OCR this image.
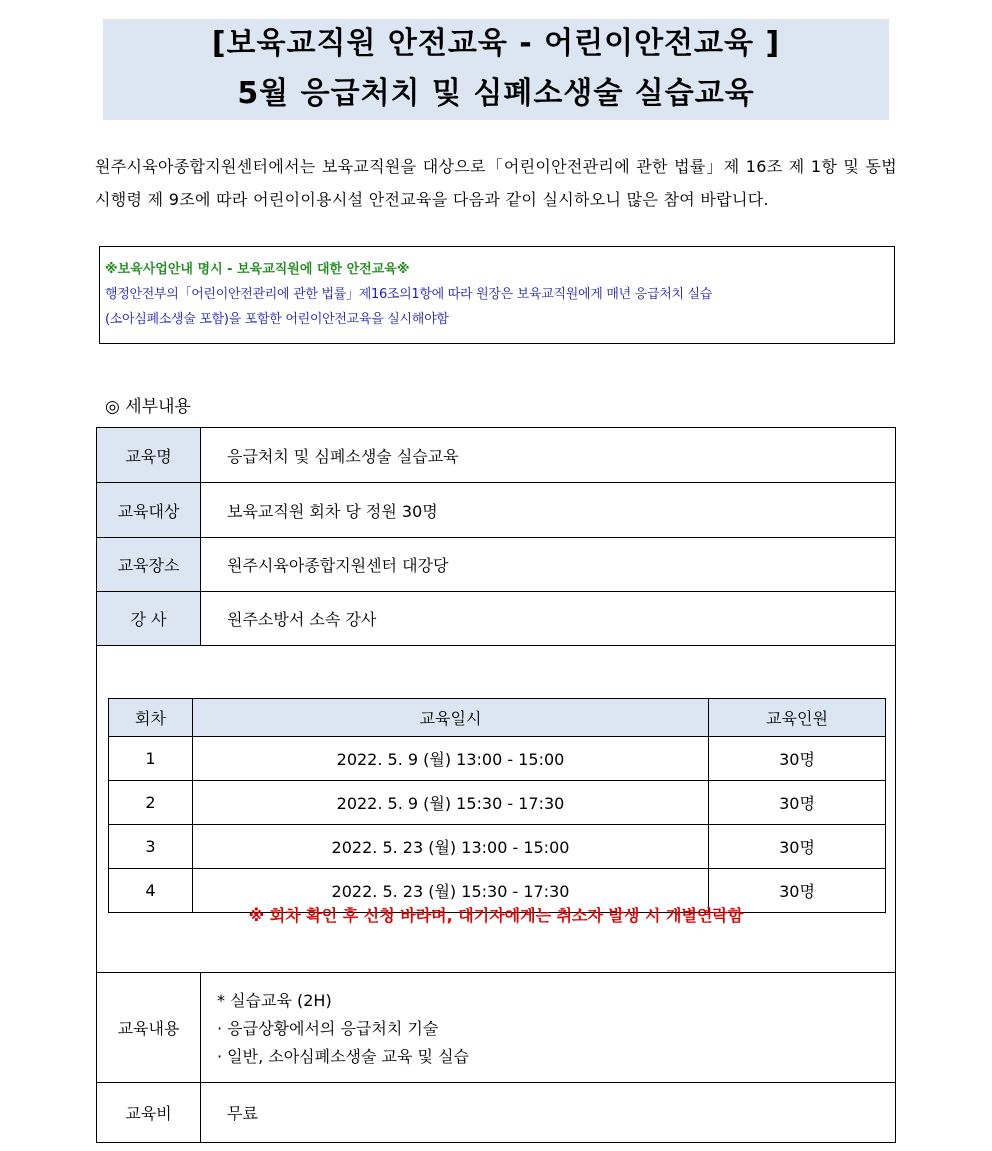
[보육교직원 안전교육 - 어린이안전교육 ]
5월 응급처치 및 심폐소생술 실습교육
원주시육아종합지원센터에서는 보육교직원을 대상으로「어린이안전관리에 관한 법률」제 16조 제 1항 및 동법 시행령 제 9조에 따라 어린이이용시설 안전교육을 다음과 같이 실시하오니 많은 참여 바랍니다.
※보육사업안내 명시 - 보육교직원에 대한 안전교육※
행정안전부의「어린이안전관리에 관한 법률」제16조의1항에 따라 원장은 보육교직원에게 매년 응급처치 실습
(소아심폐소생술 포함)을 포함한 어린이안전교육을 실시해야함
◎ 세부내용
교육명	응급처치 및 심폐소생술 실습교육
교육대상	보육교직원 회차 당 정원 30명
교육장소	원주시육아종합지원센터 대강당
강 사	원주소방서 소속 강사
회차	교육일시	교육인원
1	2022. 5. 9 (월) 13:00 - 15:00	30명
2	2022. 5. 9 (월) 15:30 - 17:30	30명
3	2022. 5. 23 (월) 13:00 - 15:00	30명
4	2022. 5. 23 (월) 15:30 - 17:30	30명
※ 회차 확인 후 신청 바라며, 대기자에게는 취소자 발생 시 개별연락함
교육내용
* 실습교육 (2H)
· 응급상황에서의 응급처치 기술
· 일반, 소아심폐소생술 교육 및 실습
교육비	무료
